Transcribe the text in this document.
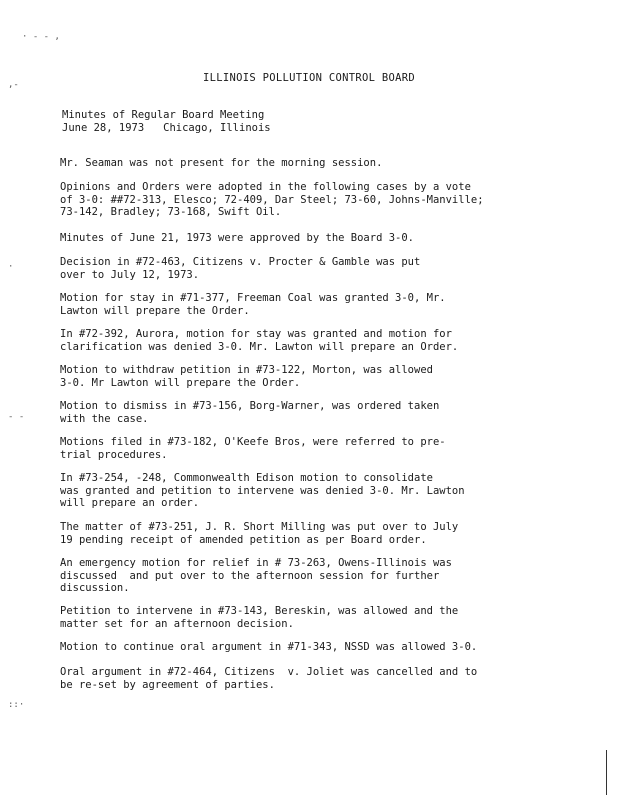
· - - ,
,-
·
- -
::·
ILLINOIS POLLUTION CONTROL BOARD
Minutes of Regular Board Meeting
June 28, 1973   Chicago, Illinois
Mr. Seaman was not present for the morning session.
Opinions and Orders were adopted in the following cases by a vote
of 3-0: ##72-313, Elesco; 72-409, Dar Steel; 73-60, Johns-Manville;
73-142, Bradley; 73-168, Swift Oil.
Minutes of June 21, 1973 were approved by the Board 3-0.
Decision in #72-463, Citizens v. Procter & Gamble was put
over to July 12, 1973.
Motion for stay in #71-377, Freeman Coal was granted 3-0, Mr.
Lawton will prepare the Order.
In #72-392, Aurora, motion for stay was granted and motion for
clarification was denied 3-0. Mr. Lawton will prepare an Order.
Motion to withdraw petition in #73-122, Morton, was allowed
3-0. Mr Lawton will prepare the Order.
Motion to dismiss in #73-156, Borg-Warner, was ordered taken
with the case.
Motions filed in #73-182, O'Keefe Bros, were referred to pre-
trial procedures.
In #73-254, -248, Commonwealth Edison motion to consolidate
was granted and petition to intervene was denied 3-0. Mr. Lawton
will prepare an order.
The matter of #73-251, J. R. Short Milling was put over to July
19 pending receipt of amended petition as per Board order.
An emergency motion for relief in # 73-263, Owens-Illinois was
discussed  and put over to the afternoon session for further
discussion.
Petition to intervene in #73-143, Bereskin, was allowed and the
matter set for an afternoon decision.
Motion to continue oral argument in #71-343, NSSD was allowed 3-0.
Oral argument in #72-464, Citizens  v. Joliet was cancelled and to
be re-set by agreement of parties.
